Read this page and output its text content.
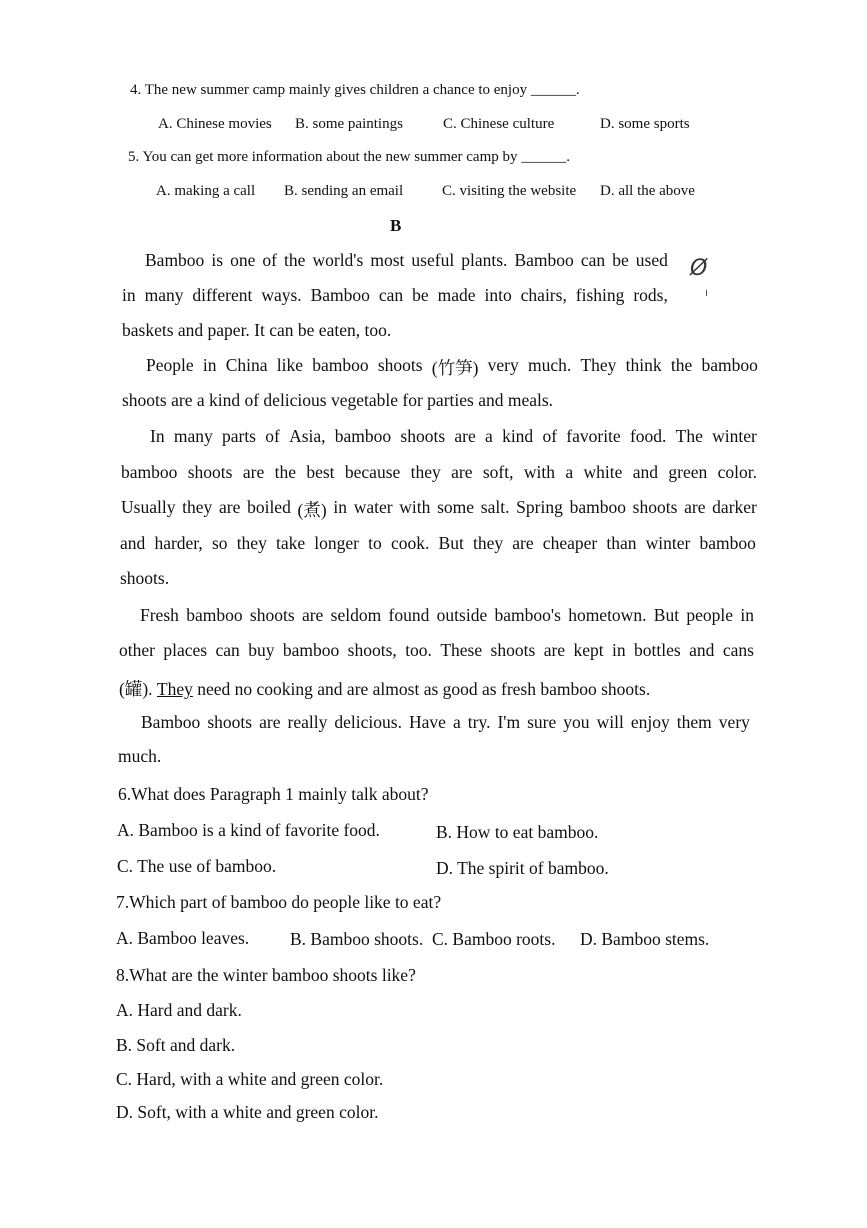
4. The new summer camp mainly gives children a chance to enjoy ______.
A. Chinese movies B. some paintings	C. Chinese culture	D. some sports
5. You can get more information about the new summer camp by ______.
A. making a call B. sending an email	C. visiting the website D. all the above
B
Ø
Bamboo is one of the world's most useful plants. Bamboo can be used
in many different ways. Bamboo can be made into chairs, fishing rods,
baskets and paper. It can be eaten, too.
People in China like bamboo shoots (竹笋) very much. They think the bamboo
shoots are a kind of delicious vegetable for parties and meals.
In many parts of Asia, bamboo shoots are a kind of favorite food. The winter
bamboo shoots are the best because they are soft, with a white and green color.
Usually they are boiled (煮) in water with some salt. Spring bamboo shoots are darker
and harder, so they take longer to cook. But they are cheaper than winter bamboo
shoots.
Fresh bamboo shoots are seldom found outside bamboo's hometown. But people in
other places can buy bamboo shoots, too. These shoots are kept in bottles and cans
(罐). They need no cooking and are almost as good as fresh bamboo shoots.
Bamboo shoots are really delicious. Have a try. I'm sure you will enjoy them very
much.
6.What does Paragraph 1 mainly talk about?
A. Bamboo is a kind of favorite food.	B. How to eat bamboo.
C. The use of bamboo.	D. The spirit of bamboo.
7.Which part of bamboo do people like to eat?
A. Bamboo leaves. B. Bamboo shoots. C. Bamboo roots. D. Bamboo stems.
8.What are the winter bamboo shoots like?
A. Hard and dark.
B. Soft and dark.
C. Hard, with a white and green color.
D. Soft, with a white and green color.
